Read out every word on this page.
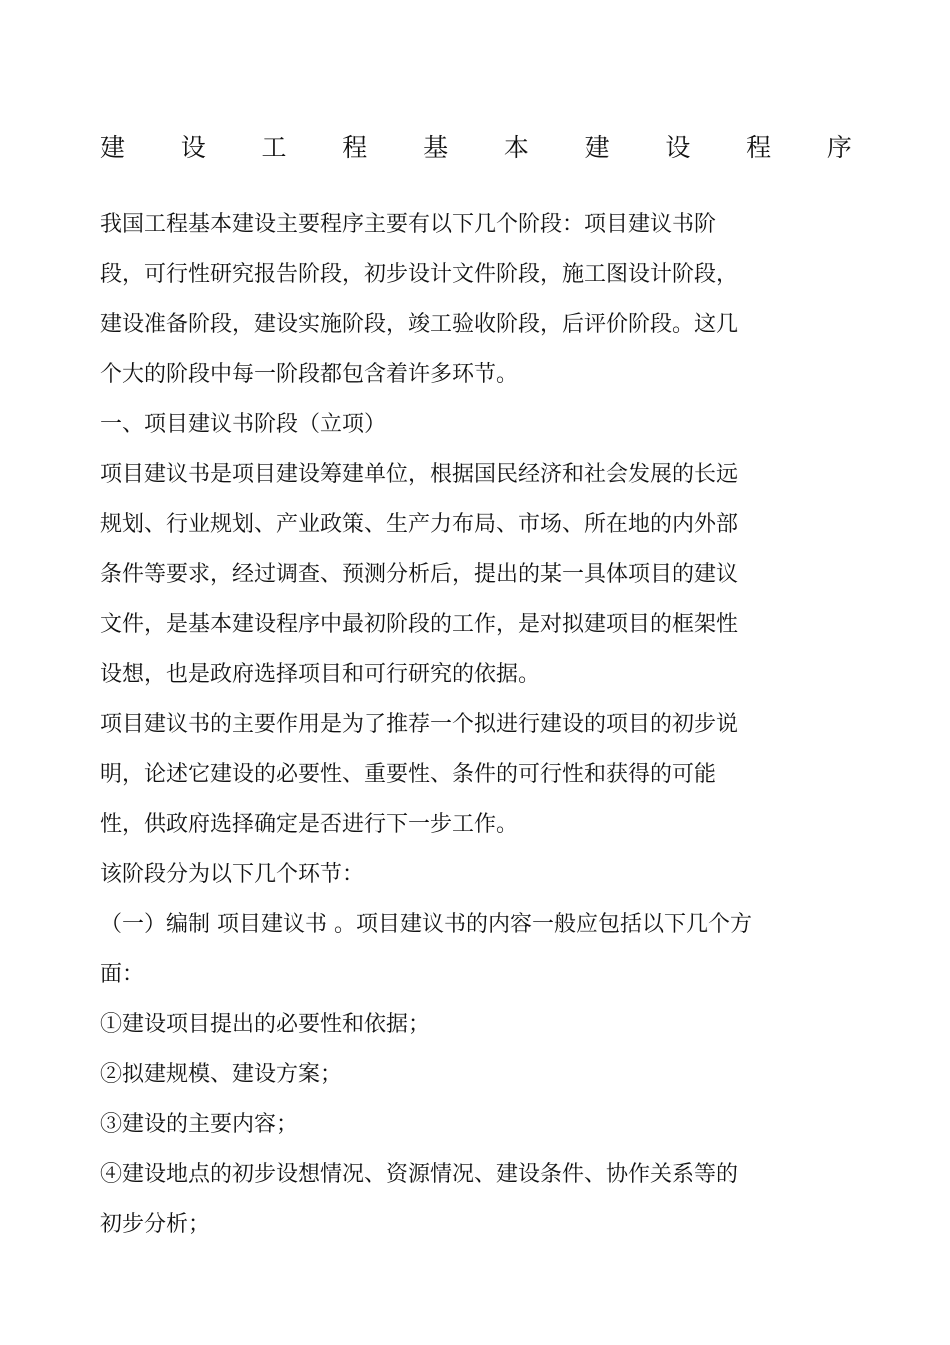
建 设 工 程 基 本 建 设 程 序
我国工程基本建设主要程序主要有以下几个阶段：项目建议书阶
段，可行性研究报告阶段，初步设计文件阶段，施工图设计阶段，
建设准备阶段，建设实施阶段，竣工验收阶段，后评价阶段。这几
个大的阶段中每一阶段都包含着许多环节。
一、项目建议书阶段（立项）
项目建议书是项目建设筹建单位，根据国民经济和社会发展的长远
规划、行业规划、产业政策、生产力布局、市场、所在地的内外部
条件等要求，经过调查、预测分析后，提出的某一具体项目的建议
文件，是基本建设程序中最初阶段的工作，是对拟建项目的框架性
设想，也是政府选择项目和可行研究的依据。
项目建议书的主要作用是为了推荐一个拟进行建设的项目的初步说
明，论述它建设的必要性、重要性、条件的可行性和获得的可能
性，供政府选择确定是否进行下一步工作。
该阶段分为以下几个环节：
（一）编制 项目建议书 。项目建议书的内容一般应包括以下几个方
面：
①建设项目提出的必要性和依据；
②拟建规模、建设方案；
③建设的主要内容；
④建设地点的初步设想情况、资源情况、建设条件、协作关系等的
初步分析；
